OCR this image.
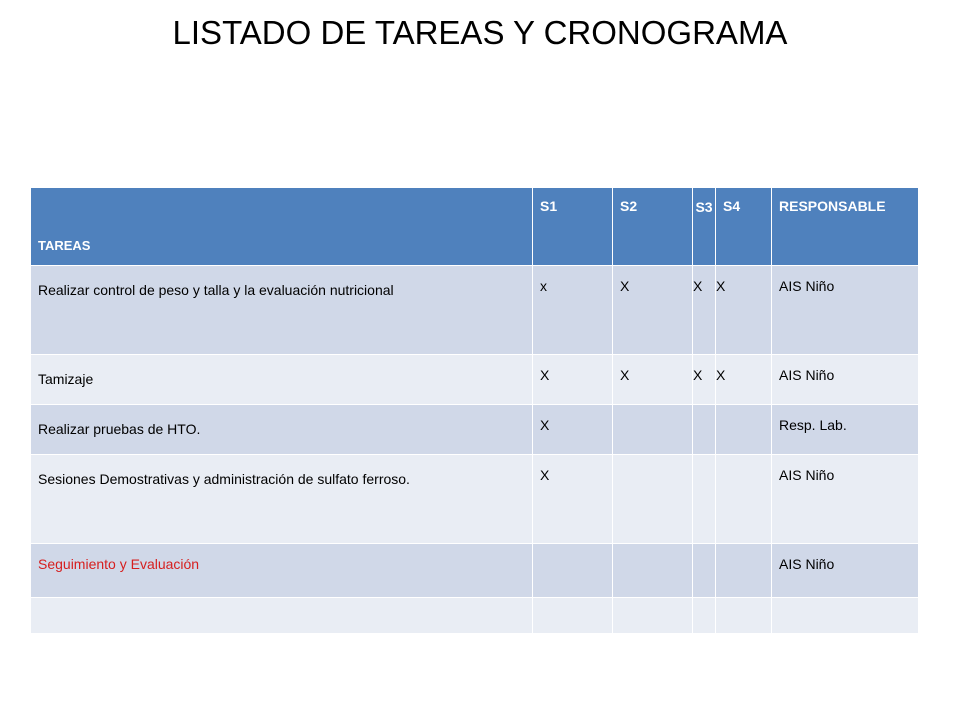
LISTADO DE TAREAS Y CRONOGRAMA
TAREAS	S1	S2	S3	S4	RESPONSABLE
Realizar control de peso y talla y la evaluación nutricional	x	X	X	X	AIS Niño
Tamizaje	X	X	X	X	AIS Niño
Realizar pruebas de HTO.	X				Resp. Lab.
Sesiones Demostrativas y administración de sulfato ferroso.	X				AIS Niño
Seguimiento y Evaluación					AIS Niño
